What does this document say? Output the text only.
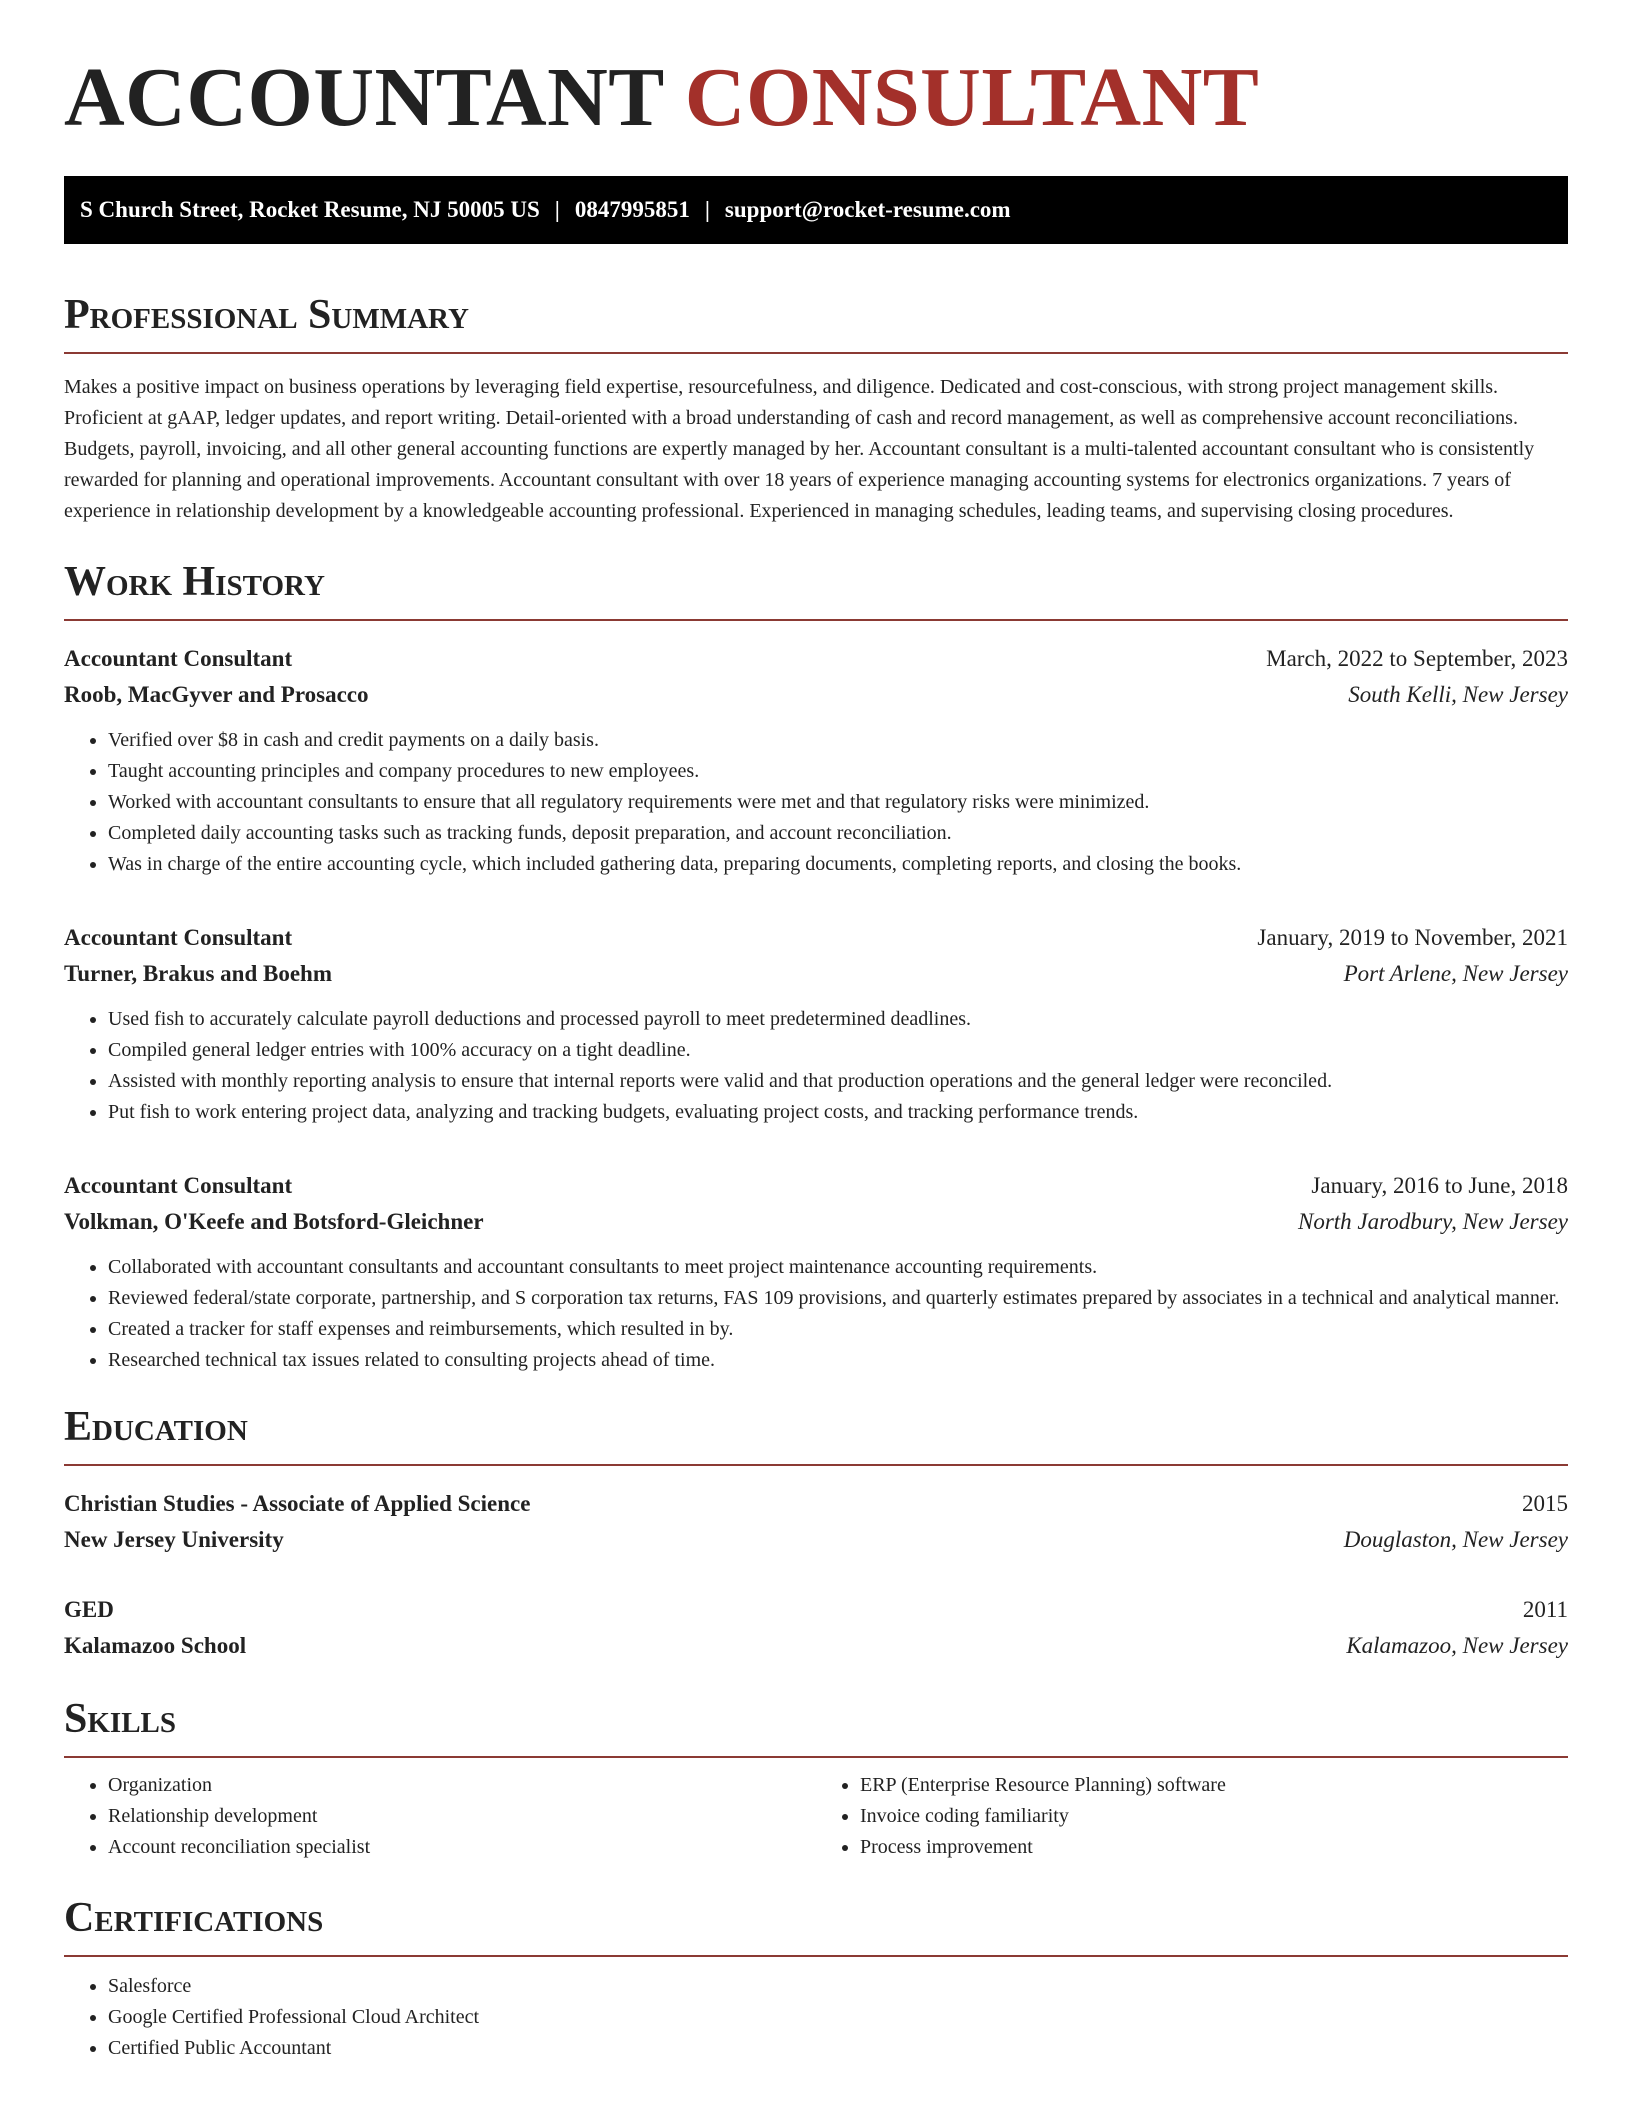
ACCOUNTANT CONSULTANT
S Church Street, Rocket Resume, NJ 50005 US | 0847995851 | support@rocket-resume.com
Professional Summary

Makes a positive impact on business operations by leveraging field expertise, resourcefulness, and diligence. Dedicated and cost-conscious, with strong project management skills. Proficient at gAAP, ledger updates, and report writing. Detail-oriented with a broad understanding of cash and record management, as well as comprehensive account reconciliations. Budgets, payroll, invoicing, and all other general accounting functions are expertly managed by her. Accountant consultant is a multi-talented accountant consultant who is consistently rewarded for planning and operational improvements. Accountant consultant with over 18 years of experience managing accounting systems for electronics organizations. 7 years of experience in relationship development by a knowledgeable accounting professional. Experienced in managing schedules, leading teams, and supervising closing procedures.

Work History
Accountant Consultant	March, 2022 to September, 2023
Roob, MacGyver and Prosacco	South Kelli, New Jersey
• Verified over $8 in cash and credit payments on a daily basis.
• Taught accounting principles and company procedures to new employees.
• Worked with accountant consultants to ensure that all regulatory requirements were met and that regulatory risks were minimized.
• Completed daily accounting tasks such as tracking funds, deposit preparation, and account reconciliation.
• Was in charge of the entire accounting cycle, which included gathering data, preparing documents, completing reports, and closing the books.
Accountant Consultant	January, 2019 to November, 2021
Turner, Brakus and Boehm	Port Arlene, New Jersey
• Used fish to accurately calculate payroll deductions and processed payroll to meet predetermined deadlines.
• Compiled general ledger entries with 100% accuracy on a tight deadline.
• Assisted with monthly reporting analysis to ensure that internal reports were valid and that production operations and the general ledger were reconciled.
• Put fish to work entering project data, analyzing and tracking budgets, evaluating project costs, and tracking performance trends.
Accountant Consultant	January, 2016 to June, 2018
Volkman, O'Keefe and Botsford-Gleichner	North Jarodbury, New Jersey
• Collaborated with accountant consultants and accountant consultants to meet project maintenance accounting requirements.
• Reviewed federal/state corporate, partnership, and S corporation tax returns, FAS 109 provisions, and quarterly estimates prepared by associates in a technical and analytical manner.
• Created a tracker for staff expenses and reimbursements, which resulted in by.
• Researched technical tax issues related to consulting projects ahead of time.
Education
Christian Studies - Associate of Applied Science	2015
New Jersey University	Douglaston, New Jersey
GED	2011
Kalamazoo School	Kalamazoo, New Jersey
Skills
• Organization
• Relationship development
• Account reconciliation specialist
• ERP (Enterprise Resource Planning) software
• Invoice coding familiarity
• Process improvement
Certifications
• Salesforce
• Google Certified Professional Cloud Architect
• Certified Public Accountant
